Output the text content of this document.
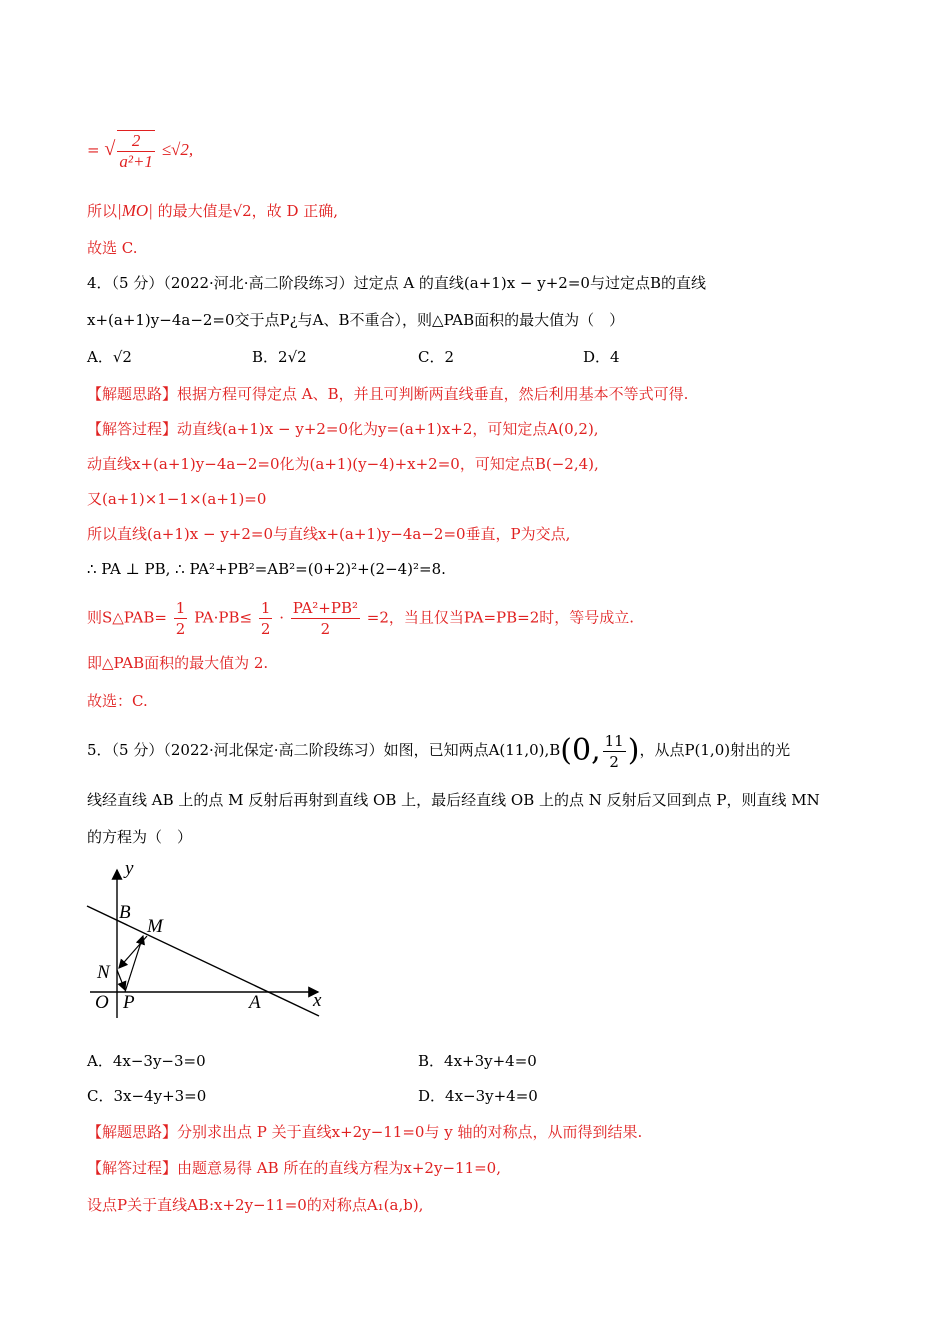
= √ $\frac{2}{\text{a²+1}} \le√2$,
所以|MO| 的最大值是√2，故 D 正确,
故选 C.
4．（5 分）（2022·河北·高二阶段练习）过定点 A 的直线(a+1)x − y+2=0与过定点B的直线
x+(a+1)y−4a−2=0交于点P¿与A、B不重合），则△PAB面积的最大值为（　）
A．√2	B．2√2	C．2	D．4
【解题思路】根据方程可得定点 A、B，并且可判断两直线垂直，然后利用基本不等式可得.
【解答过程】动直线(a+1)x − y+2=0化为y=(a+1)x+2，可知定点A(0,2),
动直线x+(a+1)y−4a−2=0化为(a+1)(y−4)+x+2=0，可知定点B(−2,4),
又(a+1)×1−1×(a+1)=0
所以直线(a+1)x − y+2=0与直线x+(a+1)y−4a−2=0垂直，P为交点,
∴ PA ⊥ PB, ∴ PA²+PB²=AB²=(0+2)²+(2−4)²=8.
则S△PAB= $\frac{1}{2} PA\cdot PB\le \frac{1}{2} \cdot \frac{\text{PA²+PB²}}{2} =2$，当且仅当PA=PB=2时，等号成立.
即△PAB面积的最大值为 2.
故选：C.
5．（5 分）（2022·河北保定·高二阶段练习）如图，已知两点A(11,0),B(0, $\frac{11}{2}$ )，从点P(1,0)射出的光
线经直线 AB 上的点 M 反射后再射到直线 OB 上，最后经直线 OB 上的点 N 反射后又回到点 P，则直线 MN
的方程为（　）
y
x
B
M
N
O P	A
A．4x−3y−3=0	B．4x+3y+4=0
C．3x−4y+3=0	D．4x−3y+4=0
【解题思路】分别求出点 P 关于直线x+2y−11=0与 y 轴的对称点，从而得到结果.
【解答过程】由题意易得 AB 所在的直线方程为x+2y−11=0,
设点P关于直线AB:x+2y−11=0的对称点A₁(a,b),
